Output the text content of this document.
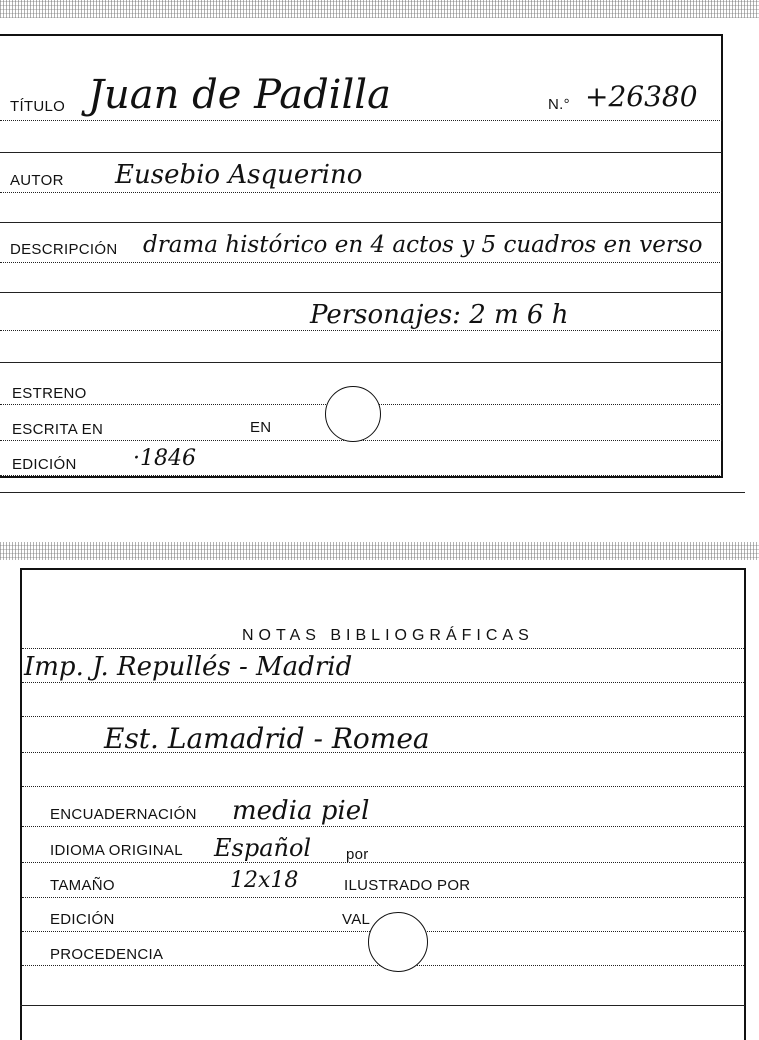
TÍTULO Juan de Padilla	N.° +26380
AUTOR Eusebio Asquerino
DESCRIPCIÓN drama histórico en 4 actos y 5 cuadros en verso
Personajes: 2 m 6 h
ESTRENO
ESCRITA EN	EN
EDICIÓN	·1846
NOTAS BIBLIOGRÁFICAS
Imp. J. Repullés - Madrid
Est. Lamadrid - Romea
ENCUADERNACIÓN media piel
IDIOMA ORIGINAL Español por
TAMAÑO	12x18	ILUSTRADO POR
EDICIÓN	VAL
PROCEDENCIA
